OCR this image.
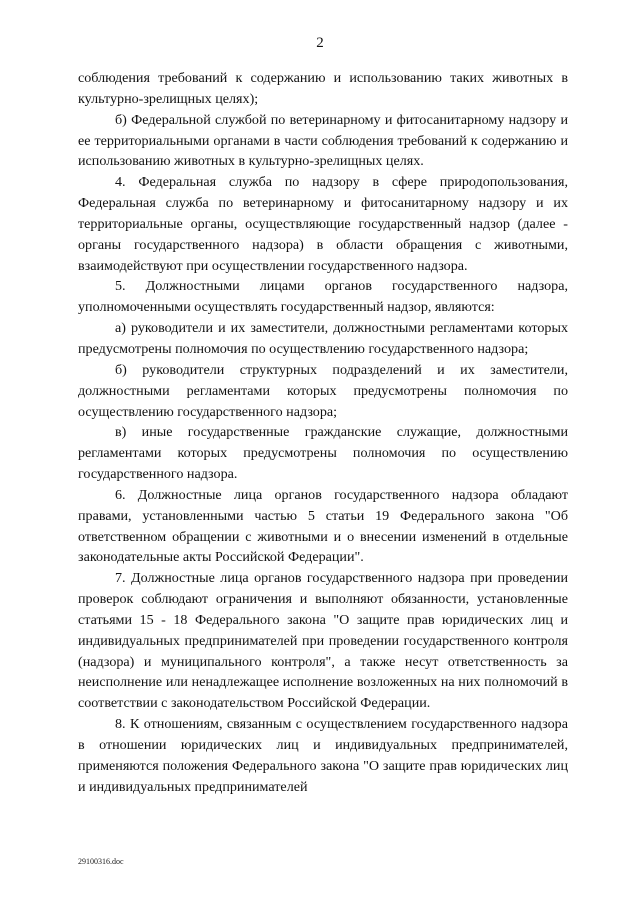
2

соблюдения требований к содержанию и использованию таких животных в культурно-зрелищных целях);

б) Федеральной службой по ветеринарному и фитосанитарному надзору и ее территориальными органами в части соблюдения требований к содержанию и использованию животных в культурно-зрелищных целях.

4. Федеральная служба по надзору в сфере природопользования, Федеральная служба по ветеринарному и фитосанитарному надзору и их территориальные органы, осуществляющие государственный надзор (далее - органы государственного надзора) в области обращения с животными, взаимодействуют при осуществлении государственного надзора.

5. Должностными лицами органов государственного надзора, уполномоченными осуществлять государственный надзор, являются:

а) руководители и их заместители, должностными регламентами которых предусмотрены полномочия по осуществлению государственного надзора;

б) руководители структурных подразделений и их заместители, должностными регламентами которых предусмотрены полномочия по осуществлению государственного надзора;

в) иные государственные гражданские служащие, должностными регламентами которых предусмотрены полномочия по осуществлению государственного надзора.

6. Должностные лица органов государственного надзора обладают правами, установленными частью 5 статьи 19 Федерального закона "Об ответственном обращении с животными и о внесении изменений в отдельные законодательные акты Российской Федерации".

7. Должностные лица органов государственного надзора при проведении проверок соблюдают ограничения и выполняют обязанности, установленные статьями 15 - 18 Федерального закона "О защите прав юридических лиц и индивидуальных предпринимателей при проведении государственного контроля (надзора) и муниципального контроля", а также несут ответственность за неисполнение или ненадлежащее исполнение возложенных на них полномочий в соответствии с законодательством Российской Федерации.

8. К отношениям, связанным с осуществлением государственного надзора в отношении юридических лиц и индивидуальных предпринимателей, применяются положения Федерального закона "О защите прав юридических лиц и индивидуальных предпринимателей

29100316.doc
